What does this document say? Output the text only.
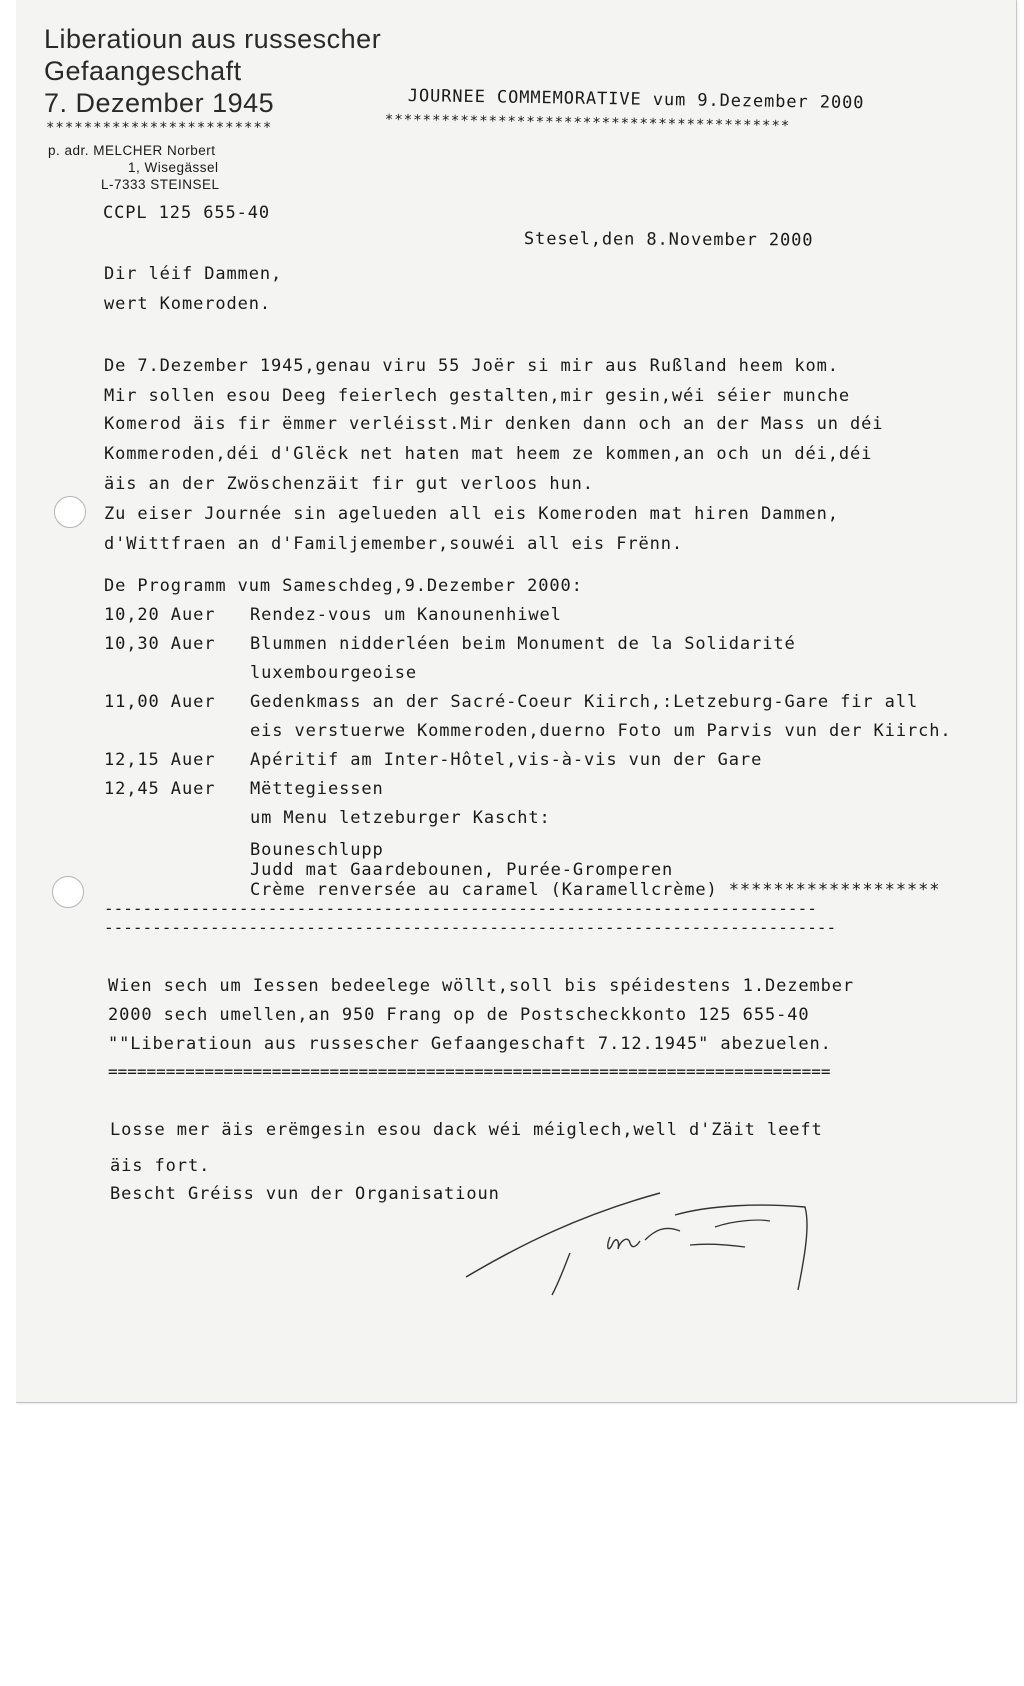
Liberatioun aus russescher
Gefaangeschaft
7. Dezember 1945
************************
JOURNEE COMMEMORATIVE vum 9.Dezember 2000
*******************************************
p. adr. MELCHER Norbert
1, Wisegässel
L-7333 STEINSEL
CCPL 125 655-40
Stesel,den 8.November 2000
Dir léif Dammen,
wert Komeroden.
De 7.Dezember 1945,genau viru 55 Joër si mir aus Rußland heem kom.
Mir sollen esou Deeg feierlech gestalten,mir gesin,wéi séier munche
Komerod äis fir ëmmer verléisst.Mir denken dann och an der Mass un déi
Kommeroden,déi d'Glëck net haten mat heem ze kommen,an och un déi,déi
äis an der Zwöschenzäit fir gut verloos hun.
Zu eiser Journée sin agelueden all eis Komeroden mat hiren Dammen,
d'Wittfraen an d'Familjemember,souwéi all eis Frënn.
De Programm vum Sameschdeg,9.Dezember 2000:
10,20 Auer Rendez-vous um Kanounenhiwel
10,30 Auer Blummen nidderléen beim Monument de la Solidarité
luxembourgeoise
11,00 Auer Gedenkmass an der Sacré-Coeur Kiirch,:Letzeburg-Gare fir all
eis verstuerwe Kommeroden,duerno Foto um Parvis vun der Kiirch.
12,15 Auer Apéritif am Inter-Hôtel,vis-à-vis vun der Gare
12,45 Auer Mëttegiessen
um Menu letzeburger Kascht:
Bouneschlupp
Judd mat Gaardebounen, Purée-Gromperen
Crème renversée au caramel (Karamellcrème) *******************
--------------------------------------------------------------------------
----------------------------------------------------------------------------
Wien sech um Iessen bedeelege wöllt,soll bis spéidestens 1.Dezember
2000 sech umellen,an 950 Frang op de Postscheckkonto 125 655-40
""Liberatioun aus russescher Gefaangeschaft 7.12.1945" abezuelen.
===========================================================================
Losse mer äis erëmgesin esou dack wéi méiglech,well d'Zäit leeft
äis fort.
Bescht Gréiss vun der Organisatioun
